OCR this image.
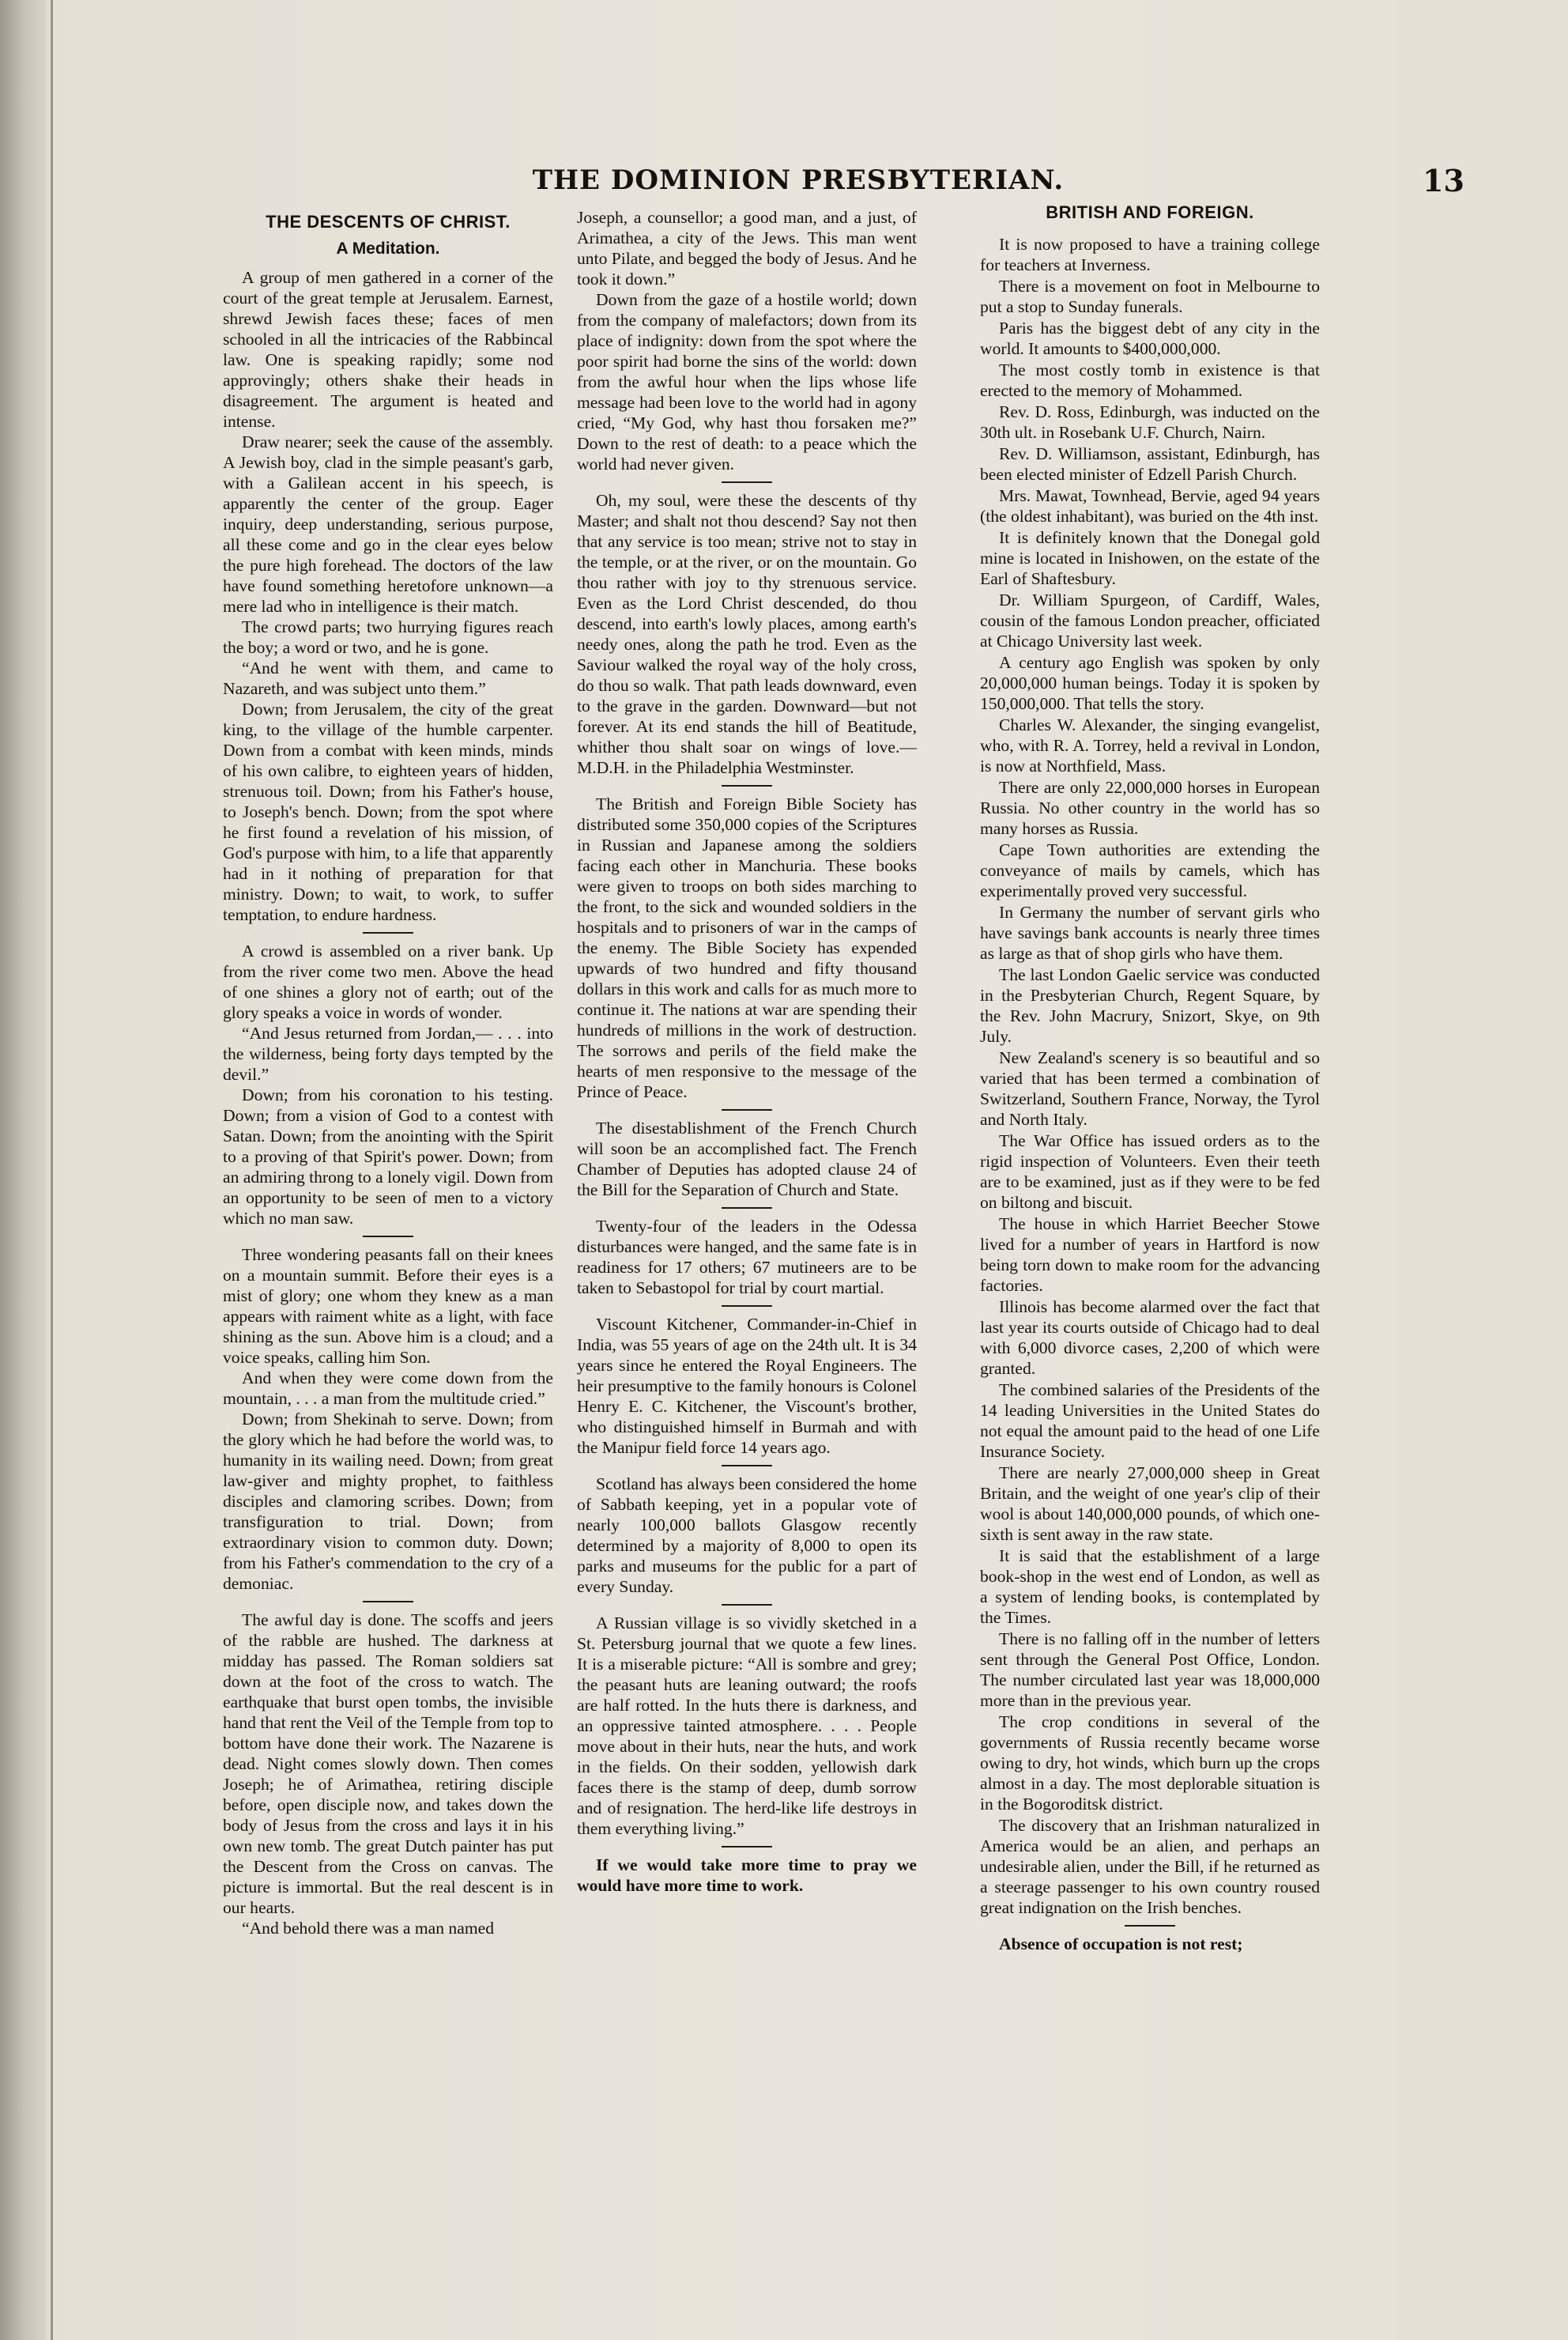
THE DOMINION PRESBYTERIAN.	13
THE DESCENTS OF CHRIST.
A Meditation.

A group of men gathered in a corner of the court of the great temple at Jerusalem. Earnest, shrewd Jewish faces these; faces of men schooled in all the intricacies of the Rabbincal law. One is speaking rapidly; some nod approvingly; others shake their heads in disagreement. The argument is heated and intense.

Draw nearer; seek the cause of the assembly. A Jewish boy, clad in the simple peasant's garb, with a Galilean accent in his speech, is apparently the center of the group. Eager inquiry, deep understanding, serious purpose, all these come and go in the clear eyes below the pure high forehead. The doctors of the law have found something heretofore unknown—a mere lad who in intelligence is their match.

The crowd parts; two hurrying figures reach the boy; a word or two, and he is gone.

“And he went with them, and came to Nazareth, and was subject unto them.”

Down; from Jerusalem, the city of the great king, to the village of the humble carpenter. Down from a combat with keen minds, minds of his own calibre, to eighteen years of hidden, strenuous toil. Down; from his Father's house, to Joseph's bench. Down; from the spot where he first found a revelation of his mission, of God's purpose with him, to a life that apparently had in it nothing of preparation for that ministry. Down; to wait, to work, to suffer temptation, to endure hardness.

A crowd is assembled on a river bank. Up from the river come two men. Above the head of one shines a glory not of earth; out of the glory speaks a voice in words of wonder.

“And Jesus returned from Jordan,— . . . into the wilderness, being forty days tempted by the devil.”

Down; from his coronation to his testing. Down; from a vision of God to a contest with Satan. Down; from the anointing with the Spirit to a proving of that Spirit's power. Down; from an admiring throng to a lonely vigil. Down from an opportunity to be seen of men to a victory which no man saw.

Three wondering peasants fall on their knees on a mountain summit. Before their eyes is a mist of glory; one whom they knew as a man appears with raiment white as a light, with face shining as the sun. Above him is a cloud; and a voice speaks, calling him Son.

And when they were come down from the mountain, . . . a man from the multitude cried.”

Down; from Shekinah to serve. Down; from the glory which he had before the world was, to humanity in its wailing need. Down; from great law-giver and mighty prophet, to faithless disciples and clamoring scribes. Down; from transfiguration to trial. Down; from extraordinary vision to common duty. Down; from his Father's commendation to the cry of a demoniac.

The awful day is done. The scoffs and jeers of the rabble are hushed. The darkness at midday has passed. The Roman soldiers sat down at the foot of the cross to watch. The earthquake that burst open tombs, the invisible hand that rent the Veil of the Temple from top to bottom have done their work. The Nazarene is dead. Night comes slowly down. Then comes Joseph; he of Arimathea, retiring disciple before, open disciple now, and takes down the body of Jesus from the cross and lays it in his own new tomb. The great Dutch painter has put the Descent from the Cross on canvas. The picture is immortal. But the real descent is in our hearts.

“And behold there was a man named

Joseph, a counsellor; a good man, and a just, of Arimathea, a city of the Jews. This man went unto Pilate, and begged the body of Jesus. And he took it down.”

Down from the gaze of a hostile world; down from the company of malefactors; down from its place of indignity: down from the spot where the poor spirit had borne the sins of the world: down from the awful hour when the lips whose life message had been love to the world had in agony cried, “My God, why hast thou forsaken me?” Down to the rest of death: to a peace which the world had never given.

Oh, my soul, were these the descents of thy Master; and shalt not thou descend? Say not then that any service is too mean; strive not to stay in the temple, or at the river, or on the mountain. Go thou rather with joy to thy strenuous service. Even as the Lord Christ descended, do thou descend, into earth's lowly places, among earth's needy ones, along the path he trod. Even as the Saviour walked the royal way of the holy cross, do thou so walk. That path leads downward, even to the grave in the garden. Downward—but not forever. At its end stands the hill of Beatitude, whither thou shalt soar on wings of love.—M.D.H. in the Philadelphia Westminster.

The British and Foreign Bible Society has distributed some 350,000 copies of the Scriptures in Russian and Japanese among the soldiers facing each other in Manchuria. These books were given to troops on both sides marching to the front, to the sick and wounded soldiers in the hospitals and to prisoners of war in the camps of the enemy. The Bible Society has expended upwards of two hundred and fifty thousand dollars in this work and calls for as much more to continue it. The nations at war are spending their hundreds of millions in the work of destruction. The sorrows and perils of the field make the hearts of men responsive to the message of the Prince of Peace.

The disestablishment of the French Church will soon be an accomplished fact. The French Chamber of Deputies has adopted clause 24 of the Bill for the Separation of Church and State.

Twenty-four of the leaders in the Odessa disturbances were hanged, and the same fate is in readiness for 17 others; 67 mutineers are to be taken to Sebastopol for trial by court martial.

Viscount Kitchener, Commander-in-Chief in India, was 55 years of age on the 24th ult. It is 34 years since he entered the Royal Engineers. The heir presumptive to the family honours is Colonel Henry E. C. Kitchener, the Viscount's brother, who distinguished himself in Burmah and with the Manipur field force 14 years ago.

Scotland has always been considered the home of Sabbath keeping, yet in a popular vote of nearly 100,000 ballots Glasgow recently determined by a majority of 8,000 to open its parks and museums for the public for a part of every Sunday.

A Russian village is so vividly sketched in a St. Petersburg journal that we quote a few lines. It is a miserable picture: “All is sombre and grey; the peasant huts are leaning outward; the roofs are half rotted. In the huts there is darkness, and an oppressive tainted atmosphere. . . . People move about in their huts, near the huts, and work in the fields. On their sodden, yellowish dark faces there is the stamp of deep, dumb sorrow and of resignation. The herd-like life destroys in them everything living.”

If we would take more time to pray we would have more time to work.

BRITISH AND FOREIGN.

It is now proposed to have a training college for teachers at Inverness.

There is a movement on foot in Melbourne to put a stop to Sunday funerals.

Paris has the biggest debt of any city in the world. It amounts to $400,000,000.

The most costly tomb in existence is that erected to the memory of Mohammed.

Rev. D. Ross, Edinburgh, was inducted on the 30th ult. in Rosebank U.F. Church, Nairn.

Rev. D. Williamson, assistant, Edinburgh, has been elected minister of Edzell Parish Church.

Mrs. Mawat, Townhead, Bervie, aged 94 years (the oldest inhabitant), was buried on the 4th inst.

It is definitely known that the Donegal gold mine is located in Inishowen, on the estate of the Earl of Shaftesbury.

Dr. William Spurgeon, of Cardiff, Wales, cousin of the famous London preacher, officiated at Chicago University last week.

A century ago English was spoken by only 20,000,000 human beings. Today it is spoken by 150,000,000. That tells the story.

Charles W. Alexander, the singing evangelist, who, with R. A. Torrey, held a revival in London, is now at Northfield, Mass.

There are only 22,000,000 horses in European Russia. No other country in the world has so many horses as Russia.

Cape Town authorities are extending the conveyance of mails by camels, which has experimentally proved very successful.

In Germany the number of servant girls who have savings bank accounts is nearly three times as large as that of shop girls who have them.

The last London Gaelic service was conducted in the Presbyterian Church, Regent Square, by the Rev. John Macrury, Snizort, Skye, on 9th July.

New Zealand's scenery is so beautiful and so varied that has been termed a combination of Switzerland, Southern France, Norway, the Tyrol and North Italy.

The War Office has issued orders as to the rigid inspection of Volunteers. Even their teeth are to be examined, just as if they were to be fed on biltong and biscuit.

The house in which Harriet Beecher Stowe lived for a number of years in Hartford is now being torn down to make room for the advancing factories.

Illinois has become alarmed over the fact that last year its courts outside of Chicago had to deal with 6,000 divorce cases, 2,200 of which were granted.

The combined salaries of the Presidents of the 14 leading Universities in the United States do not equal the amount paid to the head of one Life Insurance Society.

There are nearly 27,000,000 sheep in Great Britain, and the weight of one year's clip of their wool is about 140,000,000 pounds, of which one-sixth is sent away in the raw state.

It is said that the establishment of a large book-shop in the west end of London, as well as a system of lending books, is contemplated by the Times.

There is no falling off in the number of letters sent through the General Post Office, London. The number circulated last year was 18,000,000 more than in the previous year.

The crop conditions in several of the governments of Russia recently became worse owing to dry, hot winds, which burn up the crops almost in a day. The most deplorable situation is in the Bogoroditsk district.

The discovery that an Irishman naturalized in America would be an alien, and perhaps an undesirable alien, under the Bill, if he returned as a steerage passenger to his own country roused great indignation on the Irish benches.

Absence of occupation is not rest;
